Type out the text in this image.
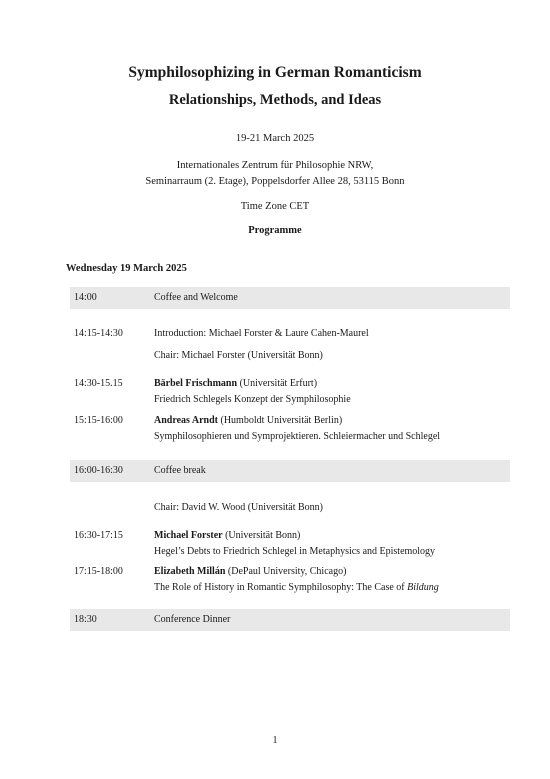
Symphilosophizing in German Romanticism
Relationships, Methods, and Ideas
19-21 March 2025
Internationales Zentrum für Philosophie NRW,
Seminarraum (2. Etage), Poppelsdorfer Allee 28, 53115 Bonn
Time Zone CET
Programme
Wednesday 19 March 2025
14:00	Coffee and Welcome
14:15-14:30	Introduction: Michael Forster & Laure Cahen-Maurel
Chair: Michael Forster (Universität Bonn)
14:30-15.15	Bärbel Frischmann (Universität Erfurt)
Friedrich Schlegels Konzept der Symphilosophie
15:15-16:00	Andreas Arndt (Humboldt Universität Berlin)
Symphilosophieren und Symprojektieren. Schleiermacher und Schlegel
16:00-16:30	Coffee break
Chair: David W. Wood (Universität Bonn)
16:30-17:15	Michael Forster (Universität Bonn)
Hegel’s Debts to Friedrich Schlegel in Metaphysics and Epistemology
17:15-18:00	Elizabeth Millán (DePaul University, Chicago)
The Role of History in Romantic Symphilosophy: The Case of Bildung
18:30	Conference Dinner
1
